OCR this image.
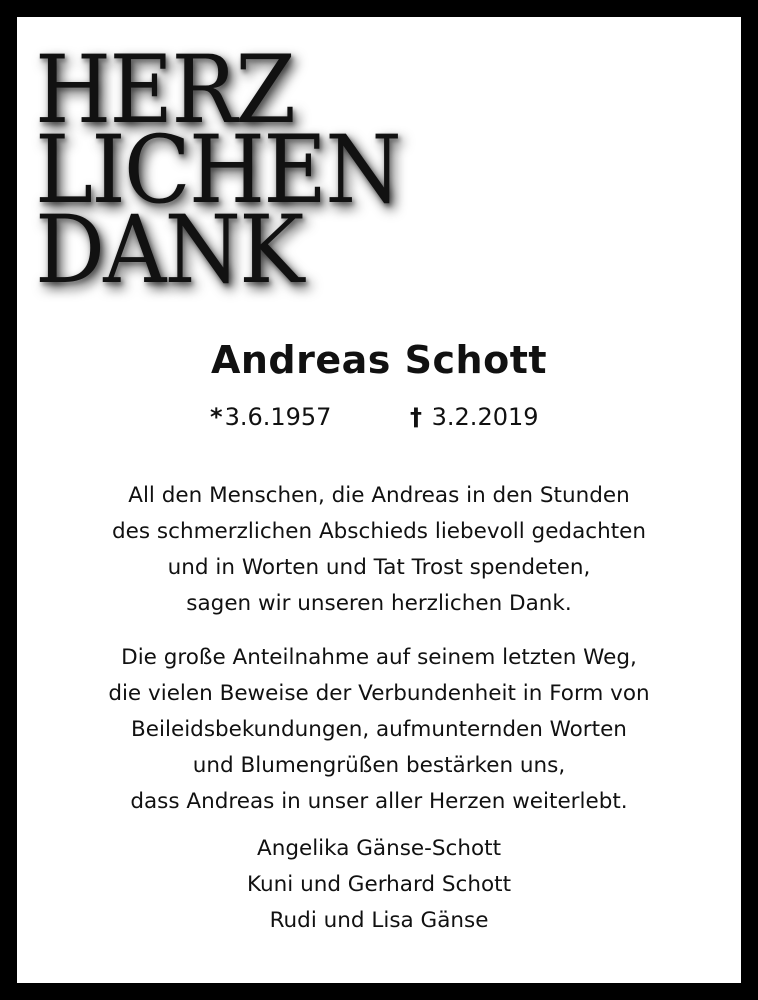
HERZ
LICHEN
DANK
Andreas Schott
*3.6.1957	† 3.2.2019
All den Menschen, die Andreas in den Stunden
des schmerzlichen Abschieds liebevoll gedachten
und in Worten und Tat Trost spendeten,
sagen wir unseren herzlichen Dank.
Die große Anteilnahme auf seinem letzten Weg,
die vielen Beweise der Verbundenheit in Form von
Beileidsbekundungen, aufmunternden Worten
und Blumengrüßen bestärken uns,
dass Andreas in unser aller Herzen weiterlebt.
Angelika Gänse-Schott
Kuni und Gerhard Schott
Rudi und Lisa Gänse
